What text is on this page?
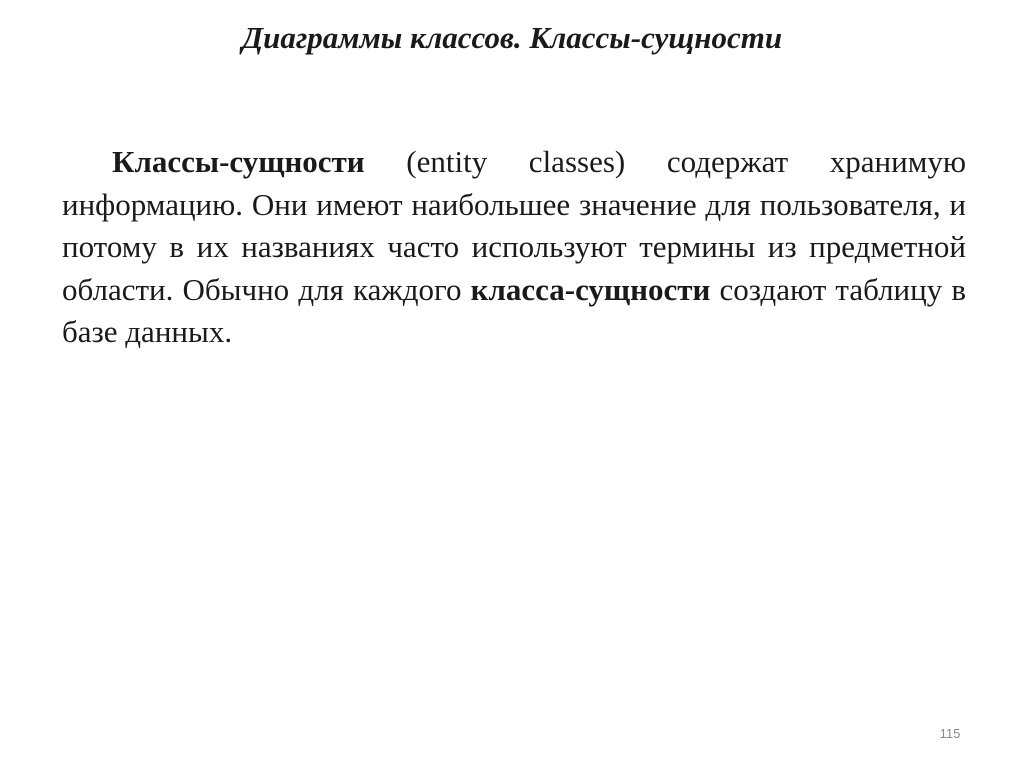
Диаграммы классов. Классы-сущности

Классы-сущности (entity classes) содержат хранимую информацию. Они имеют наибольшее значение для пользователя, и потому в их названиях часто используют термины из предметной области. Обычно для каждого класса-сущности создают таблицу в базе данных.

115
